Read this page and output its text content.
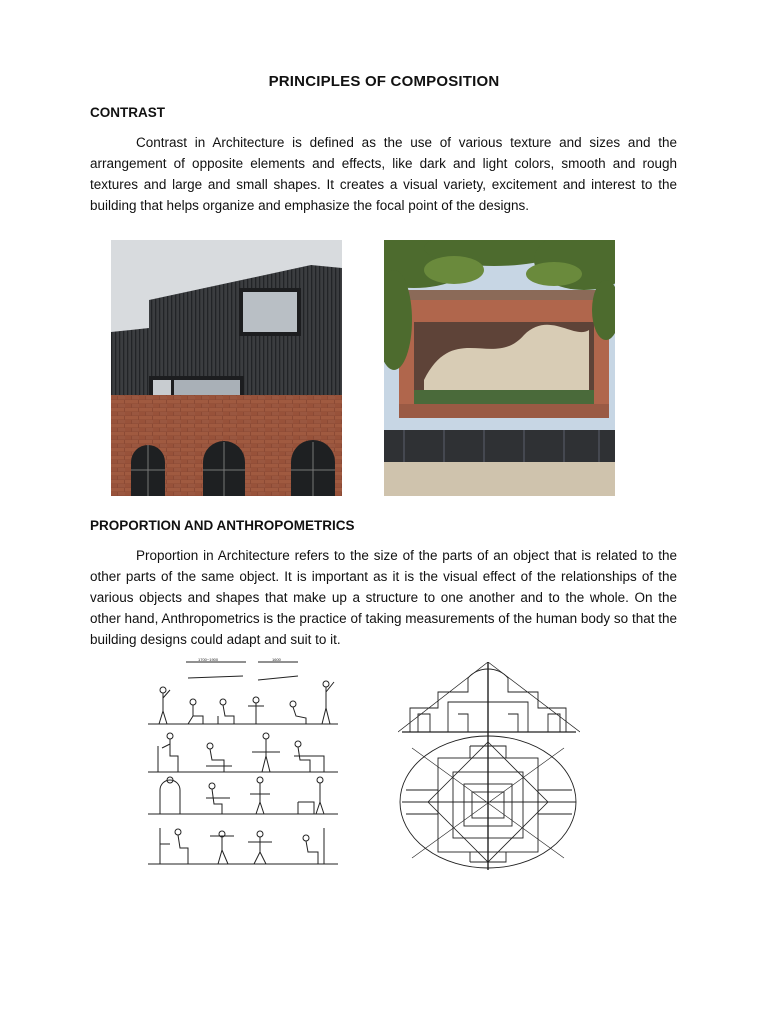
PRINCIPLES OF COMPOSITION
CONTRAST

Contrast in Architecture is defined as the use of various texture and sizes and the arrangement of opposite elements and effects, like dark and light colors, smooth and rough textures and large and small shapes. It creates a visual variety, excitement and interest to the building that helps organize and emphasize the focal point of the designs.

PROPORTION AND ANTHROPOMETRICS

Proportion in Architecture refers to the size of the parts of an object that is related to the other parts of the same object. It is important as it is the visual effect of the relationships of the various objects and shapes that make up a structure to one another and to the whole. On the other hand, Anthropometrics is the practice of taking measurements of the human body so that the building designs could adapt and suit to it.

1700~1900	1600
